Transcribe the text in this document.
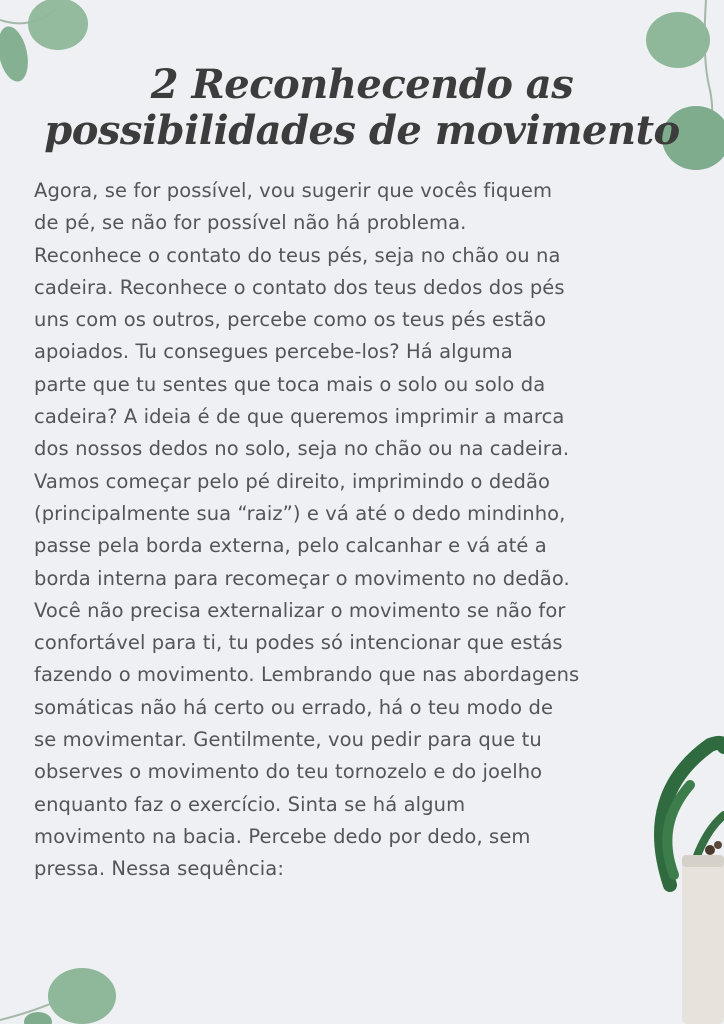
2 Reconhecendo as
possibilidades de movimento
Agora, se for possível, vou sugerir que vocês fiquem
de pé, se não for possível não há problema.
Reconhece o contato do teus pés, seja no chão ou na
cadeira. Reconhece o contato dos teus dedos dos pés
uns com os outros, percebe como os teus pés estão
apoiados. Tu consegues percebe-los? Há alguma
parte que tu sentes que toca mais o solo ou solo da
cadeira? A ideia é de que queremos imprimir a marca
dos nossos dedos no solo, seja no chão ou na cadeira.
Vamos começar pelo pé direito, imprimindo o dedão
(principalmente sua “raiz”) e vá até o dedo mindinho,
passe pela borda externa, pelo calcanhar e vá até a
borda interna para recomeçar o movimento no dedão.
Você não precisa externalizar o movimento se não for
confortável para ti, tu podes só intencionar que estás
fazendo o movimento. Lembrando que nas abordagens
somáticas não há certo ou errado, há o teu modo de
se movimentar. Gentilmente, vou pedir para que tu
observes o movimento do teu tornozelo e do joelho
enquanto faz o exercício. Sinta se há algum
movimento na bacia. Percebe dedo por dedo, sem
pressa. Nessa sequência:
